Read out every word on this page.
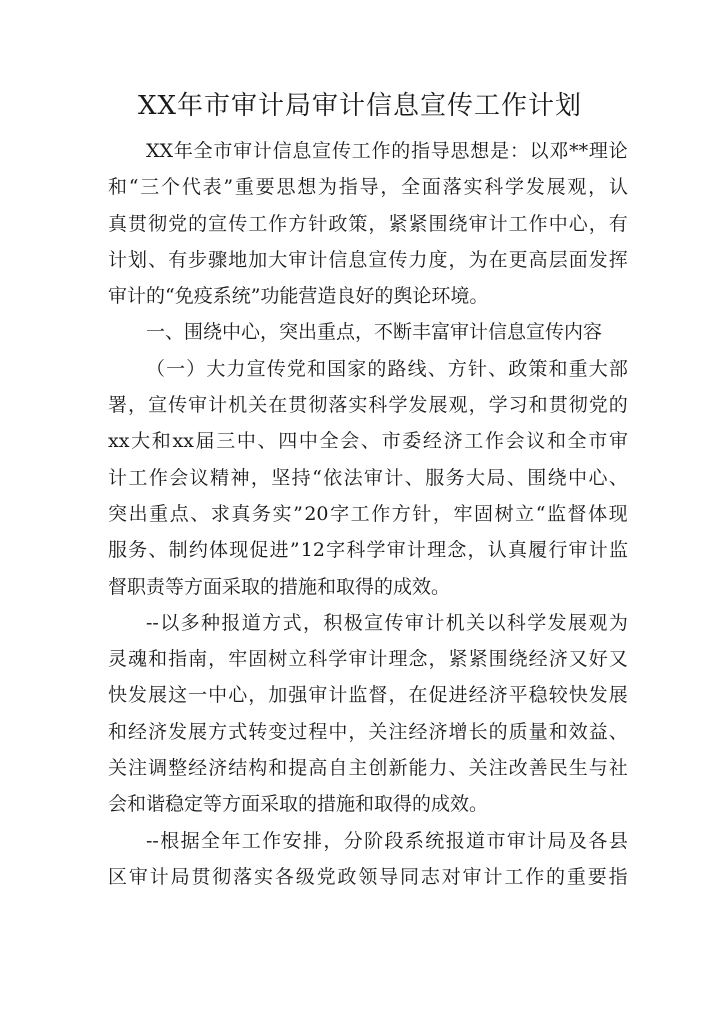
XX年市审计局审计信息宣传工作计划
XX 年 全 市 审 计 信 息 宣 传 工 作 的 指 导 思 想 是 ： 以 邓 ** 理 论
和 “ 三 个 代 表 ” 重 要 思 想 为 指 导 ， 全 面 落 实 科 学 发 展 观 ， 认
真 贯 彻 党 的 宣 传 工 作 方 针 政 策 ， 紧 紧 围 绕 审 计 工 作 中 心 ， 有
计 划 、 有 步 骤 地 加 大 审 计 信 息 宣 传 力 度 ， 为 在 更 高 层 面 发 挥
审计的“免疫系统”功能营造良好的舆论环境。
一、围绕中心，突出重点，不断丰富审计信息宣传内容
（ 一 ） 大 力 宣 传 党 和 国 家 的 路 线 、 方 针 、 政 策 和 重 大 部
署 ， 宣 传 审 计 机 关 在 贯 彻 落 实 科 学 发 展 观 ， 学 习 和 贯 彻 党 的
xx 大 和 xx 届 三 中 、 四 中 全 会 、 市 委 经 济 工 作 会 议 和 全 市 审
计 工 作 会 议 精 神 ， 坚 持 “ 依 法 审 计 、 服 务 大 局 、 围 绕 中 心 、
突 出 重 点 、 求 真 务 实 ” 20 字 工 作 方 针 ， 牢 固 树 立 “ 监 督 体 现
服 务 、 制 约 体 现 促 进 ” 12 字 科 学 审 计 理 念 ， 认 真 履 行 审 计 监
督职责等方面采取的措施和取得的成效。
-- 以 多 种 报 道 方 式 ， 积 极 宣 传 审 计 机 关 以 科 学 发 展 观 为
灵 魂 和 指 南 ， 牢 固 树 立 科 学 审 计 理 念 ， 紧 紧 围 绕 经 济 又 好 又
快 发 展 这 一 中 心 ， 加 强 审 计 监 督 ， 在 促 进 经 济 平 稳 较 快 发 展
和 经 济 发 展 方 式 转 变 过 程 中 ， 关 注 经 济 增 长 的 质 量 和 效 益 、
关 注 调 整 经 济 结 构 和 提 高 自 主 创 新 能 力 、 关 注 改 善 民 生 与 社
会和谐稳定等方面采取的措施和取得的成效。
-- 根 据 全 年 工 作 安 排 ， 分 阶 段 系 统 报 道 市 审 计 局 及 各 县
区 审 计 局 贯 彻 落 实 各 级 党 政 领 导 同 志 对 审 计 工 作 的 重 要 指
